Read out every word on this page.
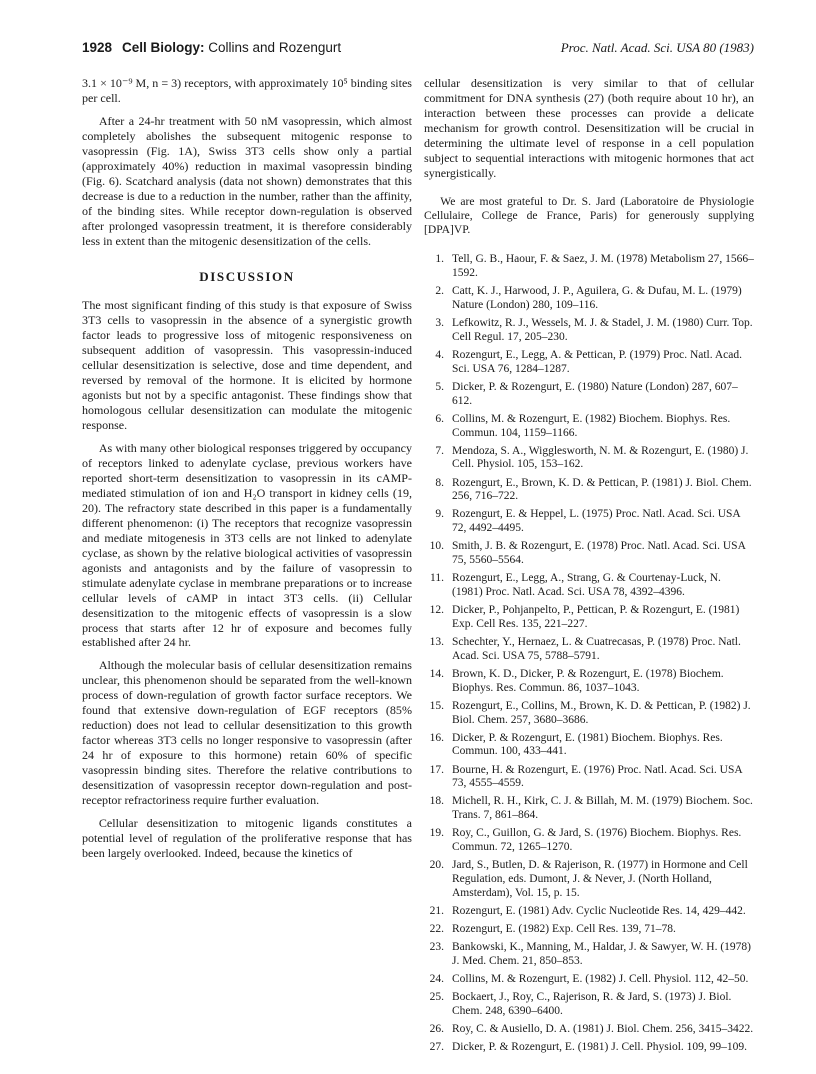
1928 Cell Biology: Collins and Rozengurt	Proc. Natl. Acad. Sci. USA 80 (1983)

3.1 × 10⁻⁹ M, n = 3) receptors, with approximately 10⁵ binding sites per cell.

After a 24-hr treatment with 50 nM vasopressin, which almost completely abolishes the subsequent mitogenic response to vasopressin (Fig. 1A), Swiss 3T3 cells show only a partial (approximately 40%) reduction in maximal vasopressin binding (Fig. 6). Scatchard analysis (data not shown) demonstrates that this decrease is due to a reduction in the number, rather than the affinity, of the binding sites. While receptor down-regulation is observed after prolonged vasopressin treatment, it is therefore considerably less in extent than the mitogenic desensitization of the cells.

DISCUSSION

The most significant finding of this study is that exposure of Swiss 3T3 cells to vasopressin in the absence of a synergistic growth factor leads to progressive loss of mitogenic responsiveness on subsequent addition of vasopressin. This vasopressin-induced cellular desensitization is selective, dose and time dependent, and reversed by removal of the hormone. It is elicited by hormone agonists but not by a specific antagonist. These findings show that homologous cellular desensitization can modulate the mitogenic response.

As with many other biological responses triggered by occupancy of receptors linked to adenylate cyclase, previous workers have reported short-term desensitization to vasopressin in its cAMP-mediated stimulation of ion and H₂O transport in kidney cells (19, 20). The refractory state described in this paper is a fundamentally different phenomenon: (i) The receptors that recognize vasopressin and mediate mitogenesis in 3T3 cells are not linked to adenylate cyclase, as shown by the relative biological activities of vasopressin agonists and antagonists and by the failure of vasopressin to stimulate adenylate cyclase in membrane preparations or to increase cellular levels of cAMP in intact 3T3 cells. (ii) Cellular desensitization to the mitogenic effects of vasopressin is a slow process that starts after 12 hr of exposure and becomes fully established after 24 hr.

Although the molecular basis of cellular desensitization remains unclear, this phenomenon should be separated from the well-known process of down-regulation of growth factor surface receptors. We found that extensive down-regulation of EGF receptors (85% reduction) does not lead to cellular desensitization to this growth factor whereas 3T3 cells no longer responsive to vasopressin (after 24 hr of exposure to this hormone) retain 60% of specific vasopressin binding sites. Therefore the relative contributions to desensitization of vasopressin receptor down-regulation and post-receptor refractoriness require further evaluation.

Cellular desensitization to mitogenic ligands constitutes a potential level of regulation of the proliferative response that has been largely overlooked. Indeed, because the kinetics of

cellular desensitization is very similar to that of cellular commitment for DNA synthesis (27) (both require about 10 hr), an interaction between these processes can provide a delicate mechanism for growth control. Desensitization will be crucial in determining the ultimate level of response in a cell population subject to sequential interactions with mitogenic hormones that act synergistically.

We are most grateful to Dr. S. Jard (Laboratoire de Physiologie Cellulaire, College de France, Paris) for generously supplying [DPA]VP.

1. Tell, G. B., Haour, F. & Saez, J. M. (1978) Metabolism 27, 1566–1592.
2. Catt, K. J., Harwood, J. P., Aguilera, G. & Dufau, M. L. (1979) Nature (London) 280, 109–116.
3. Lefkowitz, R. J., Wessels, M. J. & Stadel, J. M. (1980) Curr. Top. Cell Regul. 17, 205–230.
4. Rozengurt, E., Legg, A. & Pettican, P. (1979) Proc. Natl. Acad. Sci. USA 76, 1284–1287.
5. Dicker, P. & Rozengurt, E. (1980) Nature (London) 287, 607–612.
6. Collins, M. & Rozengurt, E. (1982) Biochem. Biophys. Res. Commun. 104, 1159–1166.
7. Mendoza, S. A., Wigglesworth, N. M. & Rozengurt, E. (1980) J. Cell. Physiol. 105, 153–162.
8. Rozengurt, E., Brown, K. D. & Pettican, P. (1981) J. Biol. Chem. 256, 716–722.
9. Rozengurt, E. & Heppel, L. (1975) Proc. Natl. Acad. Sci. USA 72, 4492–4495.
10. Smith, J. B. & Rozengurt, E. (1978) Proc. Natl. Acad. Sci. USA 75, 5560–5564.
11. Rozengurt, E., Legg, A., Strang, G. & Courtenay-Luck, N. (1981) Proc. Natl. Acad. Sci. USA 78, 4392–4396.
12. Dicker, P., Pohjanpelto, P., Pettican, P. & Rozengurt, E. (1981) Exp. Cell Res. 135, 221–227.
13. Schechter, Y., Hernaez, L. & Cuatrecasas, P. (1978) Proc. Natl. Acad. Sci. USA 75, 5788–5791.
14. Brown, K. D., Dicker, P. & Rozengurt, E. (1978) Biochem. Biophys. Res. Commun. 86, 1037–1043.
15. Rozengurt, E., Collins, M., Brown, K. D. & Pettican, P. (1982) J. Biol. Chem. 257, 3680–3686.
16. Dicker, P. & Rozengurt, E. (1981) Biochem. Biophys. Res. Commun. 100, 433–441.
17. Bourne, H. & Rozengurt, E. (1976) Proc. Natl. Acad. Sci. USA 73, 4555–4559.
18. Michell, R. H., Kirk, C. J. & Billah, M. M. (1979) Biochem. Soc. Trans. 7, 861–864.
19. Roy, C., Guillon, G. & Jard, S. (1976) Biochem. Biophys. Res. Commun. 72, 1265–1270.
20. Jard, S., Butlen, D. & Rajerison, R. (1977) in Hormone and Cell Regulation, eds. Dumont, J. & Never, J. (North Holland, Amsterdam), Vol. 15, p. 15.
21. Rozengurt, E. (1981) Adv. Cyclic Nucleotide Res. 14, 429–442.
22. Rozengurt, E. (1982) Exp. Cell Res. 139, 71–78.
23. Bankowski, K., Manning, M., Haldar, J. & Sawyer, W. H. (1978) J. Med. Chem. 21, 850–853.
24. Collins, M. & Rozengurt, E. (1982) J. Cell. Physiol. 112, 42–50.
25. Bockaert, J., Roy, C., Rajerison, R. & Jard, S. (1973) J. Biol. Chem. 248, 6390–6400.
26. Roy, C. & Ausiello, D. A. (1981) J. Biol. Chem. 256, 3415–3422.
27. Dicker, P. & Rozengurt, E. (1981) J. Cell. Physiol. 109, 99–109.
